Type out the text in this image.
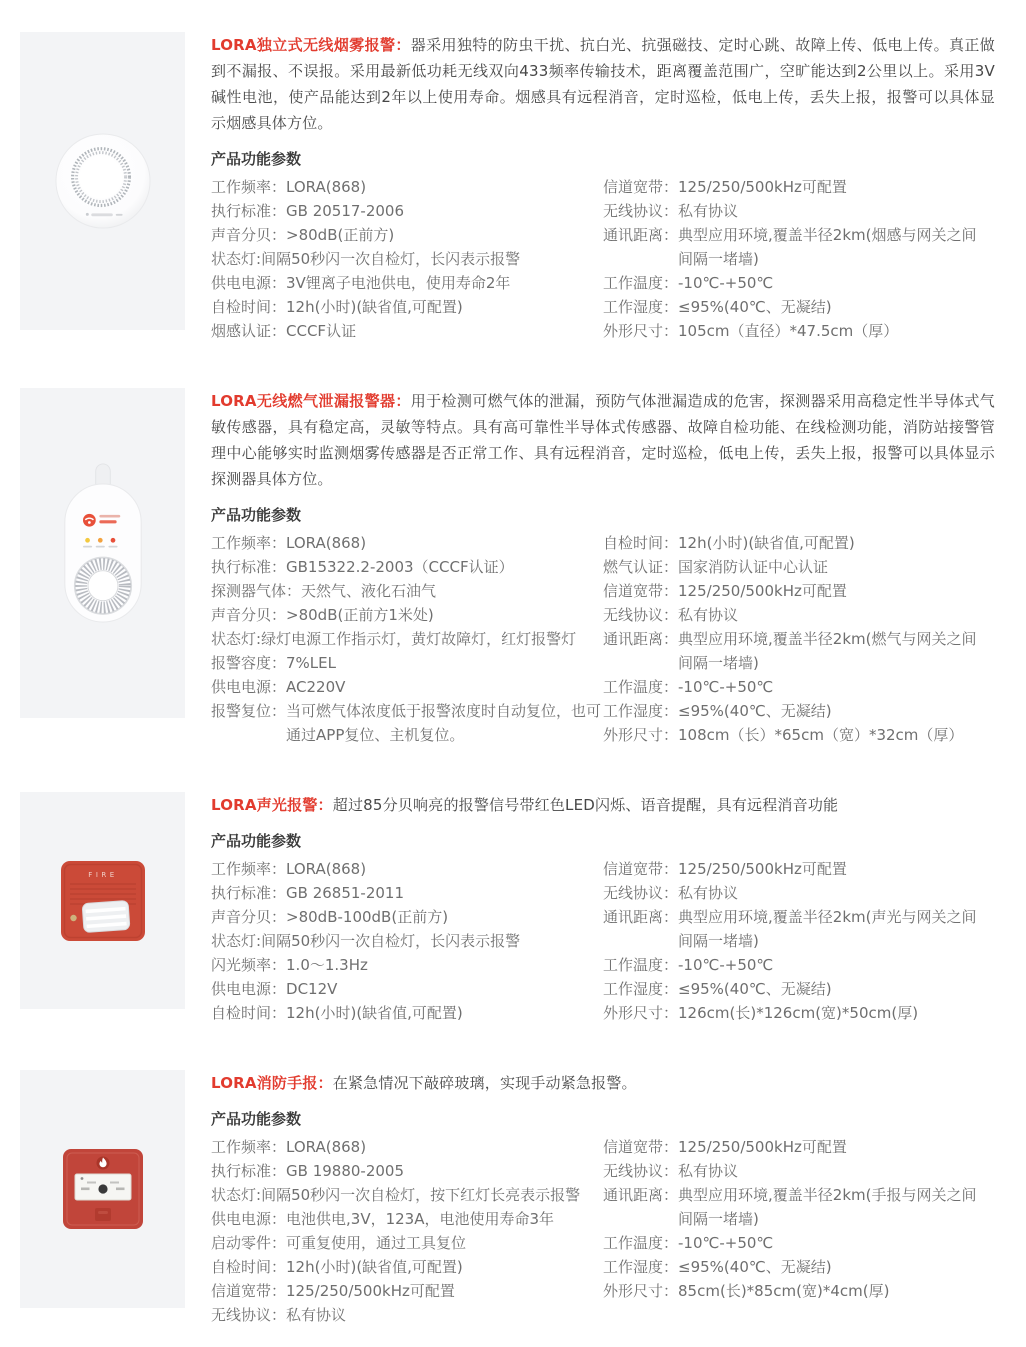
LORA独立式无线烟雾报警：器采用独特的防虫干扰、抗白光、抗强磁技、定时心跳、故障上传、低电上传。真正做到不漏报、不误报。采用最新低功耗无线双向433频率传输技术，距离覆盖范围广，空旷能达到2公里以上。采用3V碱性电池，使产品能达到2年以上使用寿命。烟感具有远程消音，定时巡检，低电上传，丢失上报，报警可以具体显示烟感具体方位。

产品功能参数
工作频率： LORA(868)
执行标准： GB 20517-2006
声音分贝： >80dB(正前方)
状态灯: 间隔50秒闪一次自检灯，长闪表示报警
供电电源： 3V锂离子电池供电，使用寿命2年
自检时间： 12h(小时)(缺省值,可配置)
烟感认证： CCCF认证
信道宽带： 125/250/500kHz可配置
无线协议： 私有协议
通讯距离： 典型应用环境,覆盖半径2km(烟感与网关之间间隔一堵墙)
工作温度： -10℃-+50℃
工作湿度： ≤95%(40℃、无凝结)
外形尺寸： 105cm（直径）*47.5cm（厚）

LORA无线燃气泄漏报警器：用于检测可燃气体的泄漏，预防气体泄漏造成的危害，探测器采用高稳定性半导体式气敏传感器，具有稳定高，灵敏等特点。具有高可靠性半导体式传感器、故障自检功能、在线检测功能，消防站接警管理中心能够实时监测烟雾传感器是否正常工作、具有远程消音，定时巡检，低电上传，丢失上报，报警可以具体显示探测器具体方位。

产品功能参数
工作频率： LORA(868)
执行标准： GB15322.2-2003（CCCF认证）
探测器气体： 天然气、液化石油气
声音分贝： >80dB(正前方1米处)
状态灯: 绿灯电源工作指示灯，黄灯故障灯，红灯报警灯
报警容度： 7%LEL
供电电源： AC220V
报警复位： 当可燃气体浓度低于报警浓度时自动复位，也可通过APP复位、主机复位。
自检时间： 12h(小时)(缺省值,可配置)
燃气认证： 国家消防认证中心认证
信道宽带： 125/250/500kHz可配置
无线协议： 私有协议
通讯距离： 典型应用环境,覆盖半径2km(燃气与网关之间间隔一堵墙)
工作温度： -10℃-+50℃
工作湿度： ≤95%(40℃、无凝结)
外形尺寸： 108cm（长）*65cm（宽）*32cm（厚）
FIRE

LORA声光报警：超过85分贝响亮的报警信号带红色LED闪烁、语音提醒，具有远程消音功能

产品功能参数
工作频率： LORA(868)
执行标准： GB 26851-2011
声音分贝： >80dB-100dB(正前方)
状态灯: 间隔50秒闪一次自检灯，长闪表示报警
闪光频率： 1.0～1.3Hz
供电电源： DC12V
自检时间： 12h(小时)(缺省值,可配置)
信道宽带： 125/250/500kHz可配置
无线协议： 私有协议
通讯距离： 典型应用环境,覆盖半径2km(声光与网关之间间隔一堵墙)
工作温度： -10℃-+50℃
工作湿度： ≤95%(40℃、无凝结)
外形尺寸： 126cm(长)*126cm(宽)*50cm(厚)

LORA消防手报：在紧急情况下敲碎玻璃，实现手动紧急报警。

产品功能参数
工作频率： LORA(868)
执行标准： GB 19880-2005
状态灯: 间隔50秒闪一次自检灯，按下红灯长亮表示报警
供电电源： 电池供电,3V，123A，电池使用寿命3年
启动零件： 可重复使用，通过工具复位
自检时间： 12h(小时)(缺省值,可配置)
信道宽带： 125/250/500kHz可配置
无线协议： 私有协议
信道宽带： 125/250/500kHz可配置
无线协议： 私有协议
通讯距离： 典型应用环境,覆盖半径2km(手报与网关之间间隔一堵墙)
工作温度： -10℃-+50℃
工作湿度： ≤95%(40℃、无凝结)
外形尺寸： 85cm(长)*85cm(宽)*4cm(厚)
